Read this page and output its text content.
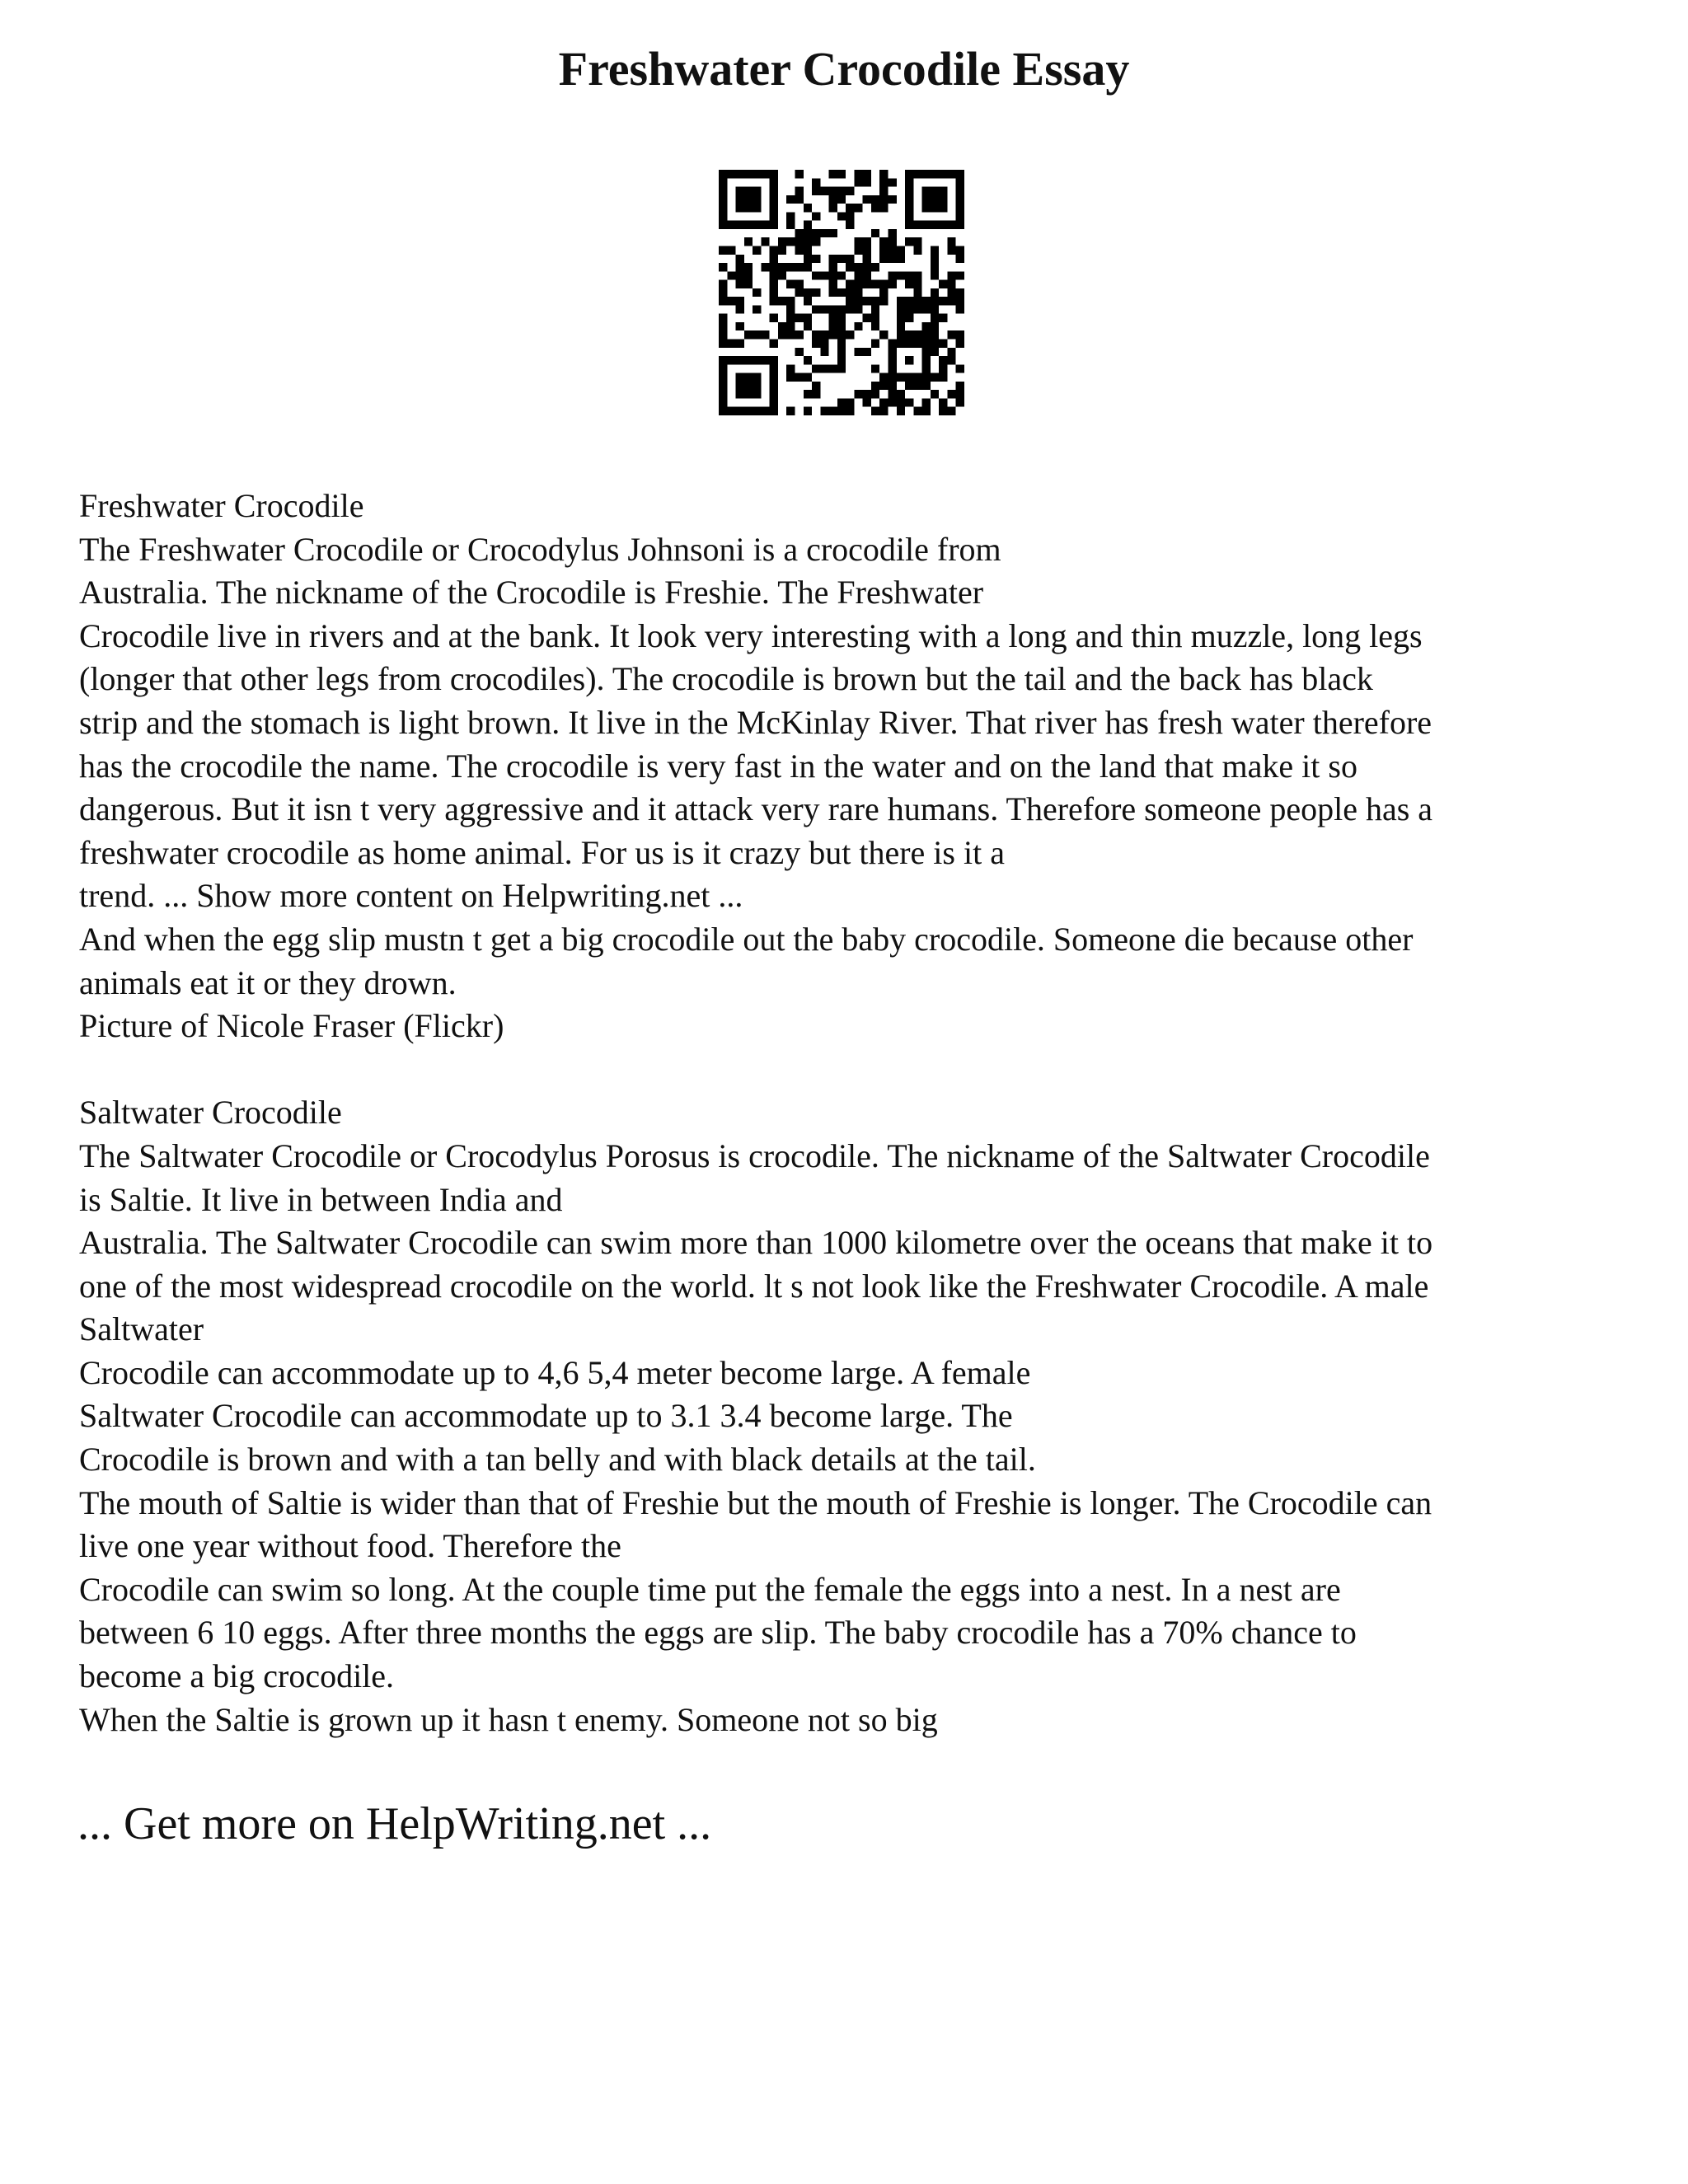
Freshwater Crocodile Essay
Freshwater Crocodile
The Freshwater Crocodile or Crocodylus Johnsoni is a crocodile from
Australia. The nickname of the Crocodile is Freshie. The Freshwater
Crocodile live in rivers and at the bank. It look very interesting with a long and thin muzzle, long legs
(longer that other legs from crocodiles). The crocodile is brown but the tail and the back has black
strip and the stomach is light brown. It live in the McKinlay River. That river has fresh water therefore
has the crocodile the name. The crocodile is very fast in the water and on the land that make it so
dangerous. But it isn t very aggressive and it attack very rare humans. Therefore someone people has a
freshwater crocodile as home animal. For us is it crazy but there is it a
trend. ... Show more content on Helpwriting.net ...
And when the egg slip mustn t get a big crocodile out the baby crocodile. Someone die because other
animals eat it or they drown.
Picture of Nicole Fraser (Flickr)
Saltwater Crocodile
The Saltwater Crocodile or Crocodylus Porosus is crocodile. The nickname of the Saltwater Crocodile
is Saltie. It live in between India and
Australia. The Saltwater Crocodile can swim more than 1000 kilometre over the oceans that make it to
one of the most widespread crocodile on the world. lt s not look like the Freshwater Crocodile. A male
Saltwater
Crocodile can accommodate up to 4,6 5,4 meter become large. A female
Saltwater Crocodile can accommodate up to 3.1 3.4 become large. The
Crocodile is brown and with a tan belly and with black details at the tail.
The mouth of Saltie is wider than that of Freshie but the mouth of Freshie is longer. The Crocodile can
live one year without food. Therefore the
Crocodile can swim so long. At the couple time put the female the eggs into a nest. In a nest are
between 6 10 eggs. After three months the eggs are slip. The baby crocodile has a 70% chance to
become a big crocodile.
When the Saltie is grown up it hasn t enemy. Someone not so big
... Get more on HelpWriting.net ...
